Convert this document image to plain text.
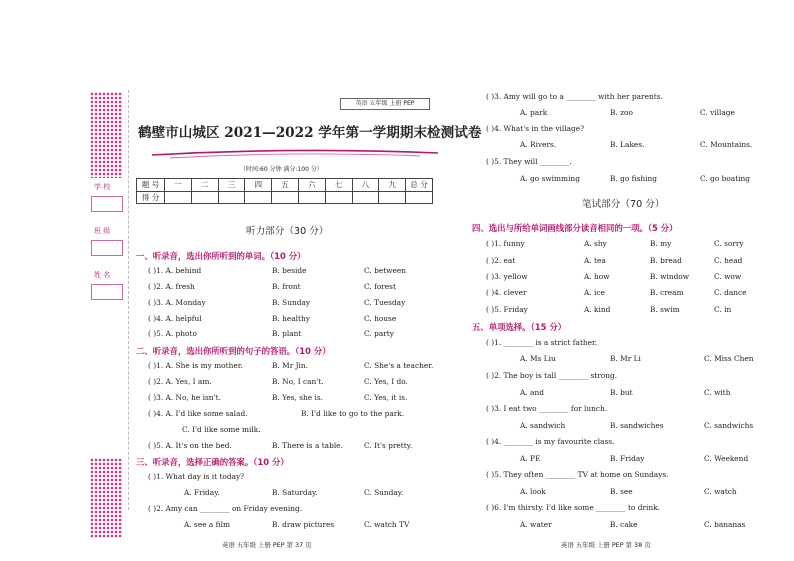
学 校
班 级
姓 名
英语 五年级 上册 PEP
鹤壁市山城区 2021—2022 学年第一学期期末检测试卷
（时间:60 分钟 满分:100 分）
题 号	一	二	三	四	五	六	七	八	九	总 分
得 分										
听力部分（30 分）
一、听录音，选出你所听到的单词。（10 分）
( )1. A. behind	B. beside	C. between
( )2. A. fresh	B. front	C. forest
( )3. A. Monday	B. Sunday	C. Tuesday
( )4. A. helpful	B. healthy	C. house
( )5. A. photo	B. plant	C. party
二、听录音，选出你所听到的句子的答语。（10 分）
( )1. A. She is my mother.	B. Mr Jin.	C. She's a teacher.
( )2. A. Yes, I am.	B. No, I can't.	C. Yes, I do.
( )3. A. No, he isn't.	B. Yes, she is.	C. Yes, it is.
( )4. A. I'd like some salad.	B. I'd like to go to the park.
C. I'd like some milk.
( )5. A. It's on the bed.	B. There is a table.	C. It's pretty.
三、听录音，选择正确的答案。（10 分）
( )1. What day is it today?
A. Friday.	B. Saturday.	C. Sunday.
( )2. Amy can ________ on Friday evening.
A. see a film	B. draw pictures	C. watch TV
英语 五年级 上册 PEP 第 37 页
( )3. Amy will go to a ________ with her parents.
A. park	B. zoo	C. village
( )4. What's in the village?
A. Rivers.	B. Lakes.	C. Mountains.
( )5. They will ________.
A. go swimming	B. go fishing	C. go boating
笔试部分（70 分）
四、选出与所给单词画线部分读音相同的一项。（5 分）
( )1. funny	A. shy	B. my	C. sorry
( )2. eat	A. tea	B. bread	C. head
( )3. yellow	A. how	B. window	C. wow
( )4. clever	A. ice	B. cream	C. dance
( )5. Friday	A. kind	B. swim	C. in
五、单项选择。（15 分）
( )1. ________ is a strict father.
A. Ms Liu	B. Mr Li	C. Miss Chen
( )2. The boy is tall ________ strong.
A. and	B. but	C. with
( )3. I eat two ________ for lunch.
A. sandwich	B. sandwiches	C. sandwichs
( )4. ________ is my favourite class.
A. PE	B. Friday	C. Weekend
( )5. They often ________ TV at home on Sundays.
A. look	B. see	C. watch
( )6. I'm thirsty. I'd like some ________ to drink.
A. water	B. cake	C. bananas
英语 五年级 上册 PEP 第 38 页
